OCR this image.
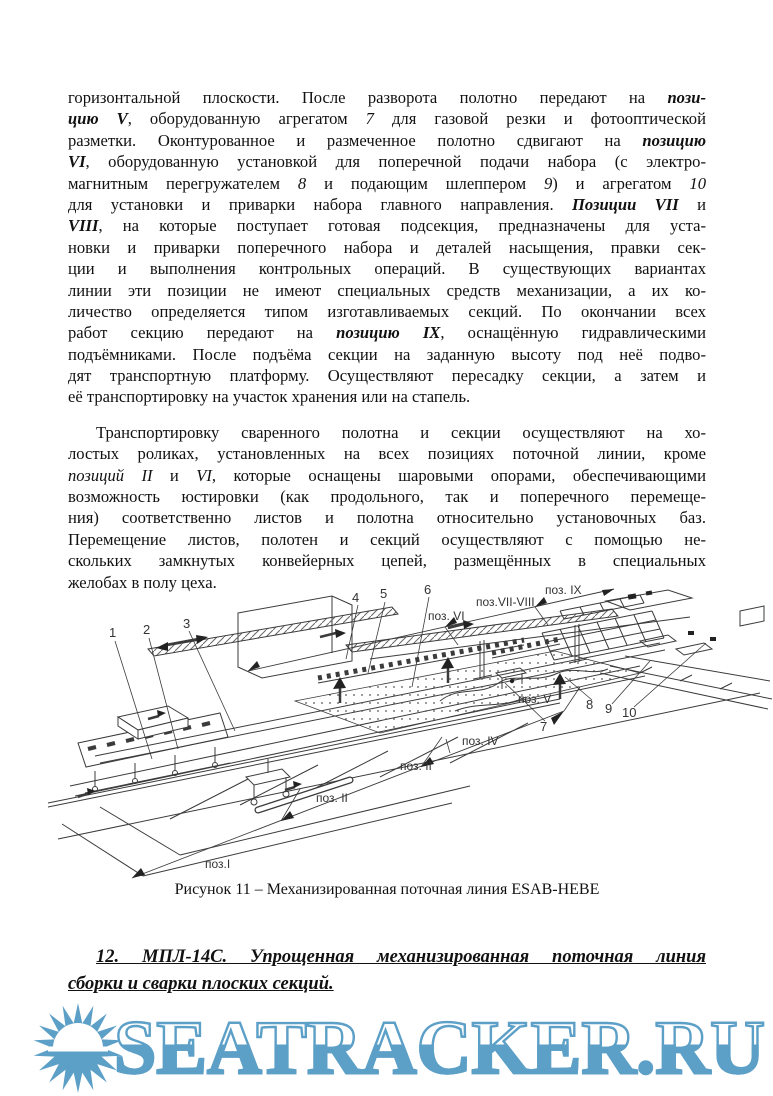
горизонтальной плоскости. После разворота полотно передают на пози-
цию V, оборудованную агрегатом 7 для газовой резки и фотооптической
разметки. Оконтурованное и размеченное полотно сдвигают на позицию
VI, оборудованную установкой для поперечной подачи набора (с электро-
магнитным перегружателем 8 и подающим шлеппером 9) и агрегатом 10
для установки и приварки набора главного направления. Позиции VII и
VIII, на которые поступает готовая подсекция, предназначены для уста-
новки и приварки поперечного набора и деталей насыщения, правки сек-
ции и выполнения контрольных операций. В существующих вариантах
линии эти позиции не имеют специальных средств механизации, а их ко-
личество определяется типом изготавливаемых секций. По окончании всех
работ секцию передают на позицию IX, оснащённую гидравлическими
подъёмниками. После подъёма секции на заданную высоту под неё подво-
дят транспортную платформу. Осуществляют пересадку секции, а затем и
её транспортировку на участок хранения или на стапель.
Транспортировку сваренного полотна и секции осуществляют на хо-
лостых роликах, установленных на всех позициях поточной линии, кроме
позиций II и VI, которые оснащены шаровыми опорами, обеспечивающими
возможность юстировки (как продольного, так и поперечного перемеще-
ния) соответственно листов и полотна относительно установочных баз.
Перемещение листов, полотен и секций осуществляют с помощью не-
скольких замкнутых конвейерных цепей, размещённых в специальных
желобах в полу цеха.
1 2	3
4 5	6
7
8 9 10
поз.I
поз. II
поз. II
поз. IV
поз. V
поз. VI
поз.VII-VIII
поз. IX
Рисунок 11 – Механизированная поточная линия ESAB-HEBE
12. МПЛ-14С. Упрощенная механизированная поточная линия
сборки и сварки плоских секций.
SEATRACKER.RU
